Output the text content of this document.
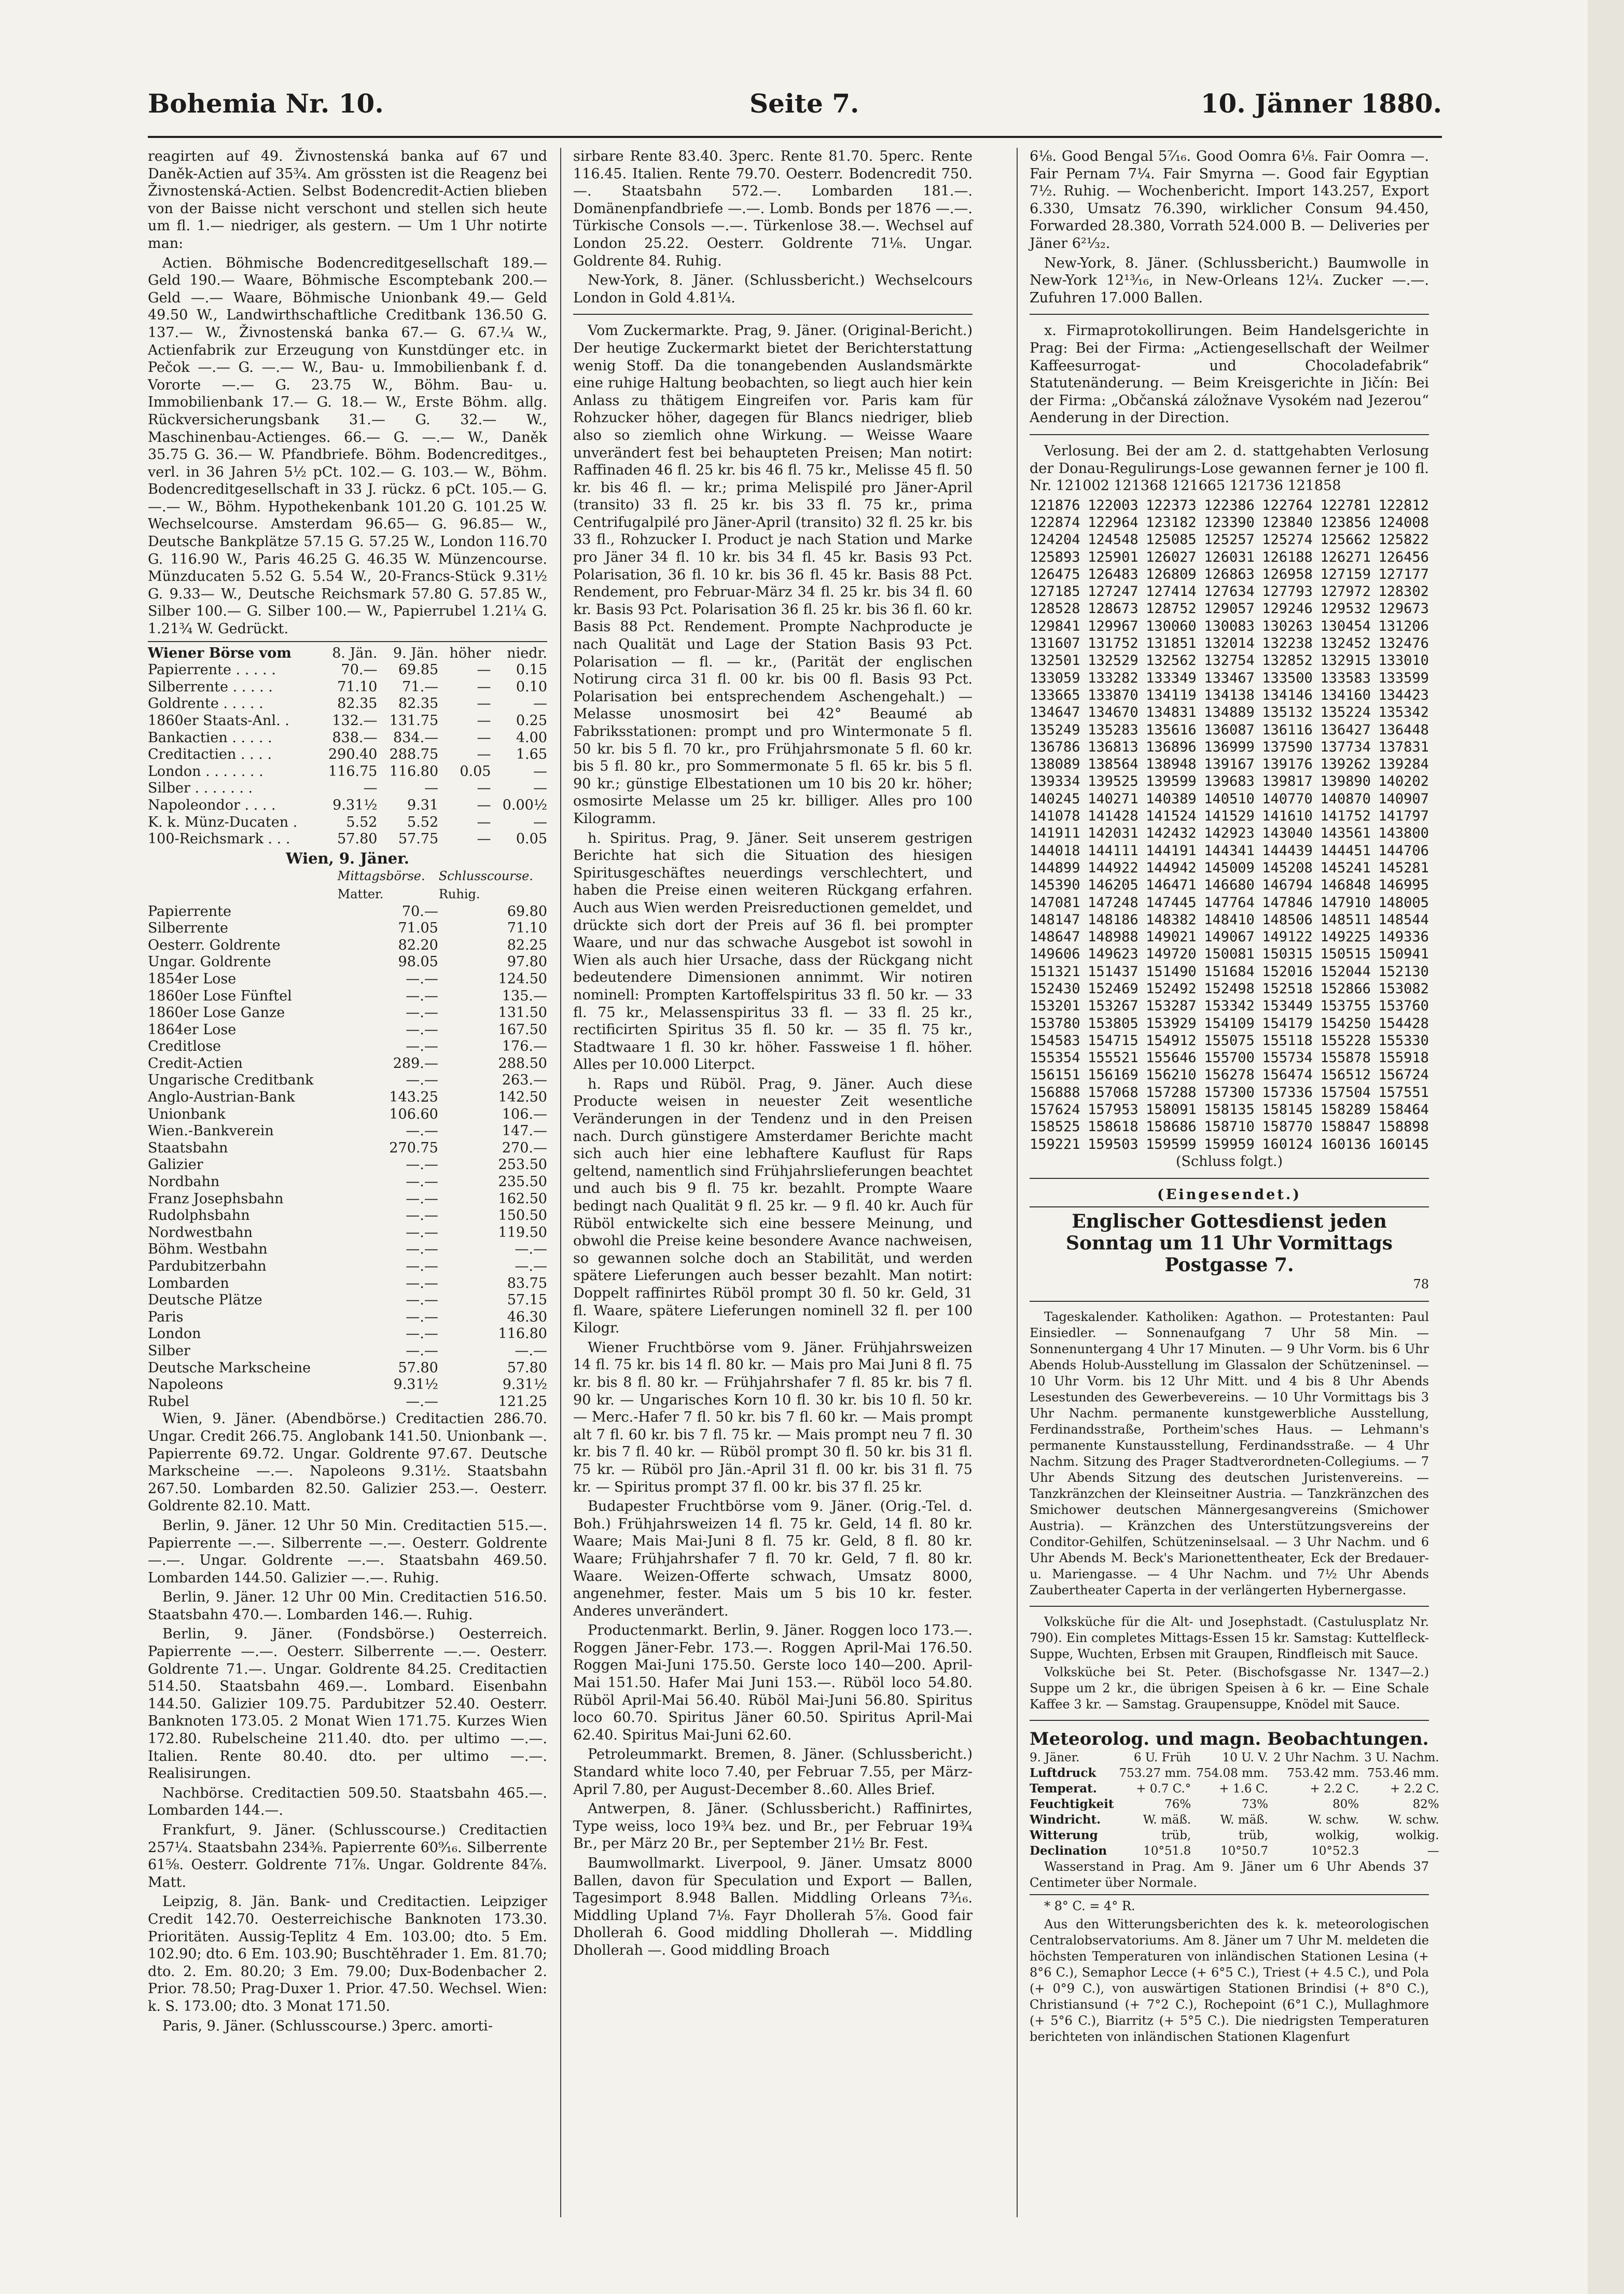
Bohemia Nr. 10.	Seite 7.	10. Jänner 1880.

reagirten auf 49. Živnostenská banka auf 67 und Daněk-Actien auf 35¾. Am grössten ist die Reagenz bei Živnostenská-Actien. Selbst Bodencredit-Actien blieben von der Baisse nicht verschont und stellen sich heute um fl. 1.— niedriger, als gestern. — Um 1 Uhr notirte man:

Actien. Böhmische Bodencreditgesellschaft 189.— Geld 190.— Waare, Böhmische Escomptebank 200.— Geld —.— Waare, Böhmische Unionbank 49.— Geld 49.50 W., Landwirthschaftliche Creditbank 136.50 G. 137.— W., Živnostenská banka 67.— G. 67.¼ W., Actienfabrik zur Erzeugung von Kunstdünger etc. in Pečok —.— G. —.— W., Bau- u. Immobilienbank f. d. Vororte —.— G. 23.75 W., Böhm. Bau- u. Immobilienbank 17.— G. 18.— W., Erste Böhm. allg. Rückversicherungsbank 31.— G. 32.— W., Maschinenbau-Actienges. 66.— G. —.— W., Daněk 35.75 G. 36.— W. Pfandbriefe. Böhm. Bodencreditges., verl. in 36 Jahren 5½ pCt. 102.— G. 103.— W., Böhm. Bodencreditgesellschaft in 33 J. rückz. 6 pCt. 105.— G. —.— W., Böhm. Hypothekenbank 101.20 G. 101.25 W. Wechselcourse. Amsterdam 96.65— G. 96.85— W., Deutsche Bankplätze 57.15 G. 57.25 W., London 116.70 G. 116.90 W., Paris 46.25 G. 46.35 W. Münzencourse. Münzducaten 5.52 G. 5.54 W., 20-Francs-Stück 9.31½ G. 9.33— W., Deutsche Reichsmark 57.80 G. 57.85 W., Silber 100.— G. Silber 100.— W., Papierrubel 1.21¼ G. 1.21¾ W. Gedrückt.

Wiener Börse vom	8. Jän.	9. Jän.	höher	niedr.
Papierrente . . . . .	70.—	69.85	—	0.15
Silberrente . . . . .	71.10	71.—	—	0.10
Goldrente . . . . .	82.35	82.35	—	—
1860er Staats-Anl. .	132.—	131.75	—	0.25
Bankactien . . . . .	838.—	834.—	—	4.00
Creditactien . . . .	290.40	288.75	—	1.65
London . . . . . . .	116.75	116.80	0.05	—
Silber . . . . . . .	—	—	—	—
Napoleondor . . . .	9.31½	9.31	—	0.00½
K. k. Münz-Ducaten .	5.52	5.52	—	—
100-Reichsmark . . .	57.80	57.75	—	0.05
Wien, 9. Jäner.
	Mittagsbörse.	Schlusscourse.
	Matter.	Ruhig.
Papierrente	70.—	69.80
Silberrente	71.05	71.10
Oesterr. Goldrente	82.20	82.25
Ungar. Goldrente	98.05	97.80
1854er Lose	—.—	124.50
1860er Lose Fünftel	—.—	135.—
1860er Lose Ganze	—.—	131.50
1864er Lose	—.—	167.50
Creditlose	—.—	176.—
Credit-Actien	289.—	288.50
Ungarische Creditbank	—.—	263.—
Anglo-Austrian-Bank	143.25	142.50
Unionbank	106.60	106.—
Wien.-Bankverein	—.—	147.—
Staatsbahn	270.75	270.—
Galizier	—.—	253.50
Nordbahn	—.—	235.50
Franz Josephsbahn	—.—	162.50
Rudolphsbahn	—.—	150.50
Nordwestbahn	—.—	119.50
Böhm. Westbahn	—.—	—.—
Pardubitzerbahn	—.—	—.—
Lombarden	—.—	83.75
Deutsche Plätze	—.—	57.15
Paris	—.—	46.30
London	—.—	116.80
Silber	—.—	—.—
Deutsche Markscheine	57.80	57.80
Napoleons	9.31½	9.31½
Rubel	—.—	121.25

Wien, 9. Jäner. (Abendbörse.) Creditactien 286.70. Ungar. Credit 266.75. Anglobank 141.50. Unionbank —. Papierrente 69.72. Ungar. Goldrente 97.67. Deutsche Markscheine —.—. Napoleons 9.31½. Staatsbahn 267.50. Lombarden 82.50. Galizier 253.—. Oesterr. Goldrente 82.10. Matt.

Berlin, 9. Jäner. 12 Uhr 50 Min. Creditactien 515.—. Papierrente —.—. Silberrente —.—. Oesterr. Goldrente —.—. Ungar. Goldrente —.—. Staatsbahn 469.50. Lombarden 144.50. Galizier —.—. Ruhig.

Berlin, 9. Jäner. 12 Uhr 00 Min. Creditactien 516.50. Staatsbahn 470.—. Lombarden 146.—. Ruhig.

Berlin, 9. Jäner. (Fondsbörse.) Oesterreich. Papierrente —.—. Oesterr. Silberrente —.—. Oesterr. Goldrente 71.—. Ungar. Goldrente 84.25. Creditactien 514.50. Staatsbahn 469.—. Lombard. Eisenbahn 144.50. Galizier 109.75. Pardubitzer 52.40. Oesterr. Banknoten 173.05. 2 Monat Wien 171.75. Kurzes Wien 172.80. Rubelscheine 211.40. dto. per ultimo —.—. Italien. Rente 80.40. dto. per ultimo —.—. Realisirungen.

Nachbörse. Creditactien 509.50. Staatsbahn 465.—. Lombarden 144.—.

Frankfurt, 9. Jäner. (Schlusscourse.) Creditactien 257¼. Staatsbahn 234⅜. Papierrente 60⁹⁄₁₆. Silberrente 61⅝. Oesterr. Goldrente 71⅞. Ungar. Goldrente 84⅞. Matt.

Leipzig, 8. Jän. Bank- und Creditactien. Leipziger Credit 142.70. Oesterreichische Banknoten 173.30. Prioritäten. Aussig-Teplitz 4 Em. 103.00; dto. 5 Em. 102.90; dto. 6 Em. 103.90; Buschtěhrader 1. Em. 81.70; dto. 2. Em. 80.20; 3 Em. 79.00; Dux-Bodenbacher 2. Prior. 78.50; Prag-Duxer 1. Prior. 47.50. Wechsel. Wien: k. S. 173.00; dto. 3 Monat 171.50.

Paris, 9. Jäner. (Schlusscourse.) 3perc. amorti-

sirbare Rente 83.40. 3perc. Rente 81.70. 5perc. Rente 116.45. Italien. Rente 79.70. Oesterr. Bodencredit 750.—. Staatsbahn 572.—. Lombarden 181.—. Domänenpfandbriefe —.—. Lomb. Bonds per 1876 —.—. Türkische Consols —.—. Türkenlose 38.—. Wechsel auf London 25.22. Oesterr. Goldrente 71⅛. Ungar. Goldrente 84. Ruhig.

New-York, 8. Jäner. (Schlussbericht.) Wechselcours London in Gold 4.81¼.

Vom Zuckermarkte. Prag, 9. Jäner. (Original-Bericht.) Der heutige Zuckermarkt bietet der Berichterstattung wenig Stoff. Da die tonangebenden Auslandsmärkte eine ruhige Haltung beobachten, so liegt auch hier kein Anlass zu thätigem Eingreifen vor. Paris kam für Rohzucker höher, dagegen für Blancs niedriger, blieb also so ziemlich ohne Wirkung. — Weisse Waare unverändert fest bei behaupteten Preisen; Man notirt: Raffinaden 46 fl. 25 kr. bis 46 fl. 75 kr., Melisse 45 fl. 50 kr. bis 46 fl. — kr.; prima Melispilé pro Jäner-April (transito) 33 fl. 25 kr. bis 33 fl. 75 kr., prima Centrifugalpilé pro Jäner-April (transito) 32 fl. 25 kr. bis 33 fl., Rohzucker I. Product je nach Station und Marke pro Jäner 34 fl. 10 kr. bis 34 fl. 45 kr. Basis 93 Pct. Polarisation, 36 fl. 10 kr. bis 36 fl. 45 kr. Basis 88 Pct. Rendement, pro Februar-März 34 fl. 25 kr. bis 34 fl. 60 kr. Basis 93 Pct. Polarisation 36 fl. 25 kr. bis 36 fl. 60 kr. Basis 88 Pct. Rendement. Prompte Nachproducte je nach Qualität und Lage der Station Basis 93 Pct. Polarisation — fl. — kr., (Parität der englischen Notirung circa 31 fl. 00 kr. bis 00 fl. Basis 93 Pct. Polarisation bei entsprechendem Aschengehalt.) — Melasse unosmosirt bei 42° Beaumé ab Fabriksstationen: prompt und pro Wintermonate 5 fl. 50 kr. bis 5 fl. 70 kr., pro Frühjahrsmonate 5 fl. 60 kr. bis 5 fl. 80 kr., pro Sommermonate 5 fl. 65 kr. bis 5 fl. 90 kr.; günstige Elbestationen um 10 bis 20 kr. höher; osmosirte Melasse um 25 kr. billiger. Alles pro 100 Kilogramm.

h. Spiritus. Prag, 9. Jäner. Seit unserem gestrigen Berichte hat sich die Situation des hiesigen Spiritusgeschäftes neuerdings verschlechtert, und haben die Preise einen weiteren Rückgang erfahren. Auch aus Wien werden Preisreductionen gemeldet, und drückte sich dort der Preis auf 36 fl. bei prompter Waare, und nur das schwache Ausgebot ist sowohl in Wien als auch hier Ursache, dass der Rückgang nicht bedeutendere Dimensionen annimmt. Wir notiren nominell: Prompten Kartoffelspiritus 33 fl. 50 kr. — 33 fl. 75 kr., Melassenspiritus 33 fl. — 33 fl. 25 kr., rectificirten Spiritus 35 fl. 50 kr. — 35 fl. 75 kr., Stadtwaare 1 fl. 30 kr. höher. Fassweise 1 fl. höher. Alles per 10.000 Literpct.

h. Raps und Rüböl. Prag, 9. Jäner. Auch diese Producte weisen in neuester Zeit wesentliche Veränderungen in der Tendenz und in den Preisen nach. Durch günstigere Amsterdamer Berichte macht sich auch hier eine lebhaftere Kauflust für Raps geltend, namentlich sind Frühjahrslieferungen beachtet und auch bis 9 fl. 75 kr. bezahlt. Prompte Waare bedingt nach Qualität 9 fl. 25 kr. — 9 fl. 40 kr. Auch für Rüböl entwickelte sich eine bessere Meinung, und obwohl die Preise keine besondere Avance nachweisen, so gewannen solche doch an Stabilität, und werden spätere Lieferungen auch besser bezahlt. Man notirt: Doppelt raffinirtes Rüböl prompt 30 fl. 50 kr. Geld, 31 fl. Waare, spätere Lieferungen nominell 32 fl. per 100 Kilogr.

Wiener Fruchtbörse vom 9. Jäner. Frühjahrsweizen 14 fl. 75 kr. bis 14 fl. 80 kr. — Mais pro Mai Juni 8 fl. 75 kr. bis 8 fl. 80 kr. — Frühjahrshafer 7 fl. 85 kr. bis 7 fl. 90 kr. — Ungarisches Korn 10 fl. 30 kr. bis 10 fl. 50 kr. — Merc.-Hafer 7 fl. 50 kr. bis 7 fl. 60 kr. — Mais prompt alt 7 fl. 60 kr. bis 7 fl. 75 kr. — Mais prompt neu 7 fl. 30 kr. bis 7 fl. 40 kr. — Rüböl prompt 30 fl. 50 kr. bis 31 fl. 75 kr. — Rüböl pro Jän.-April 31 fl. 00 kr. bis 31 fl. 75 kr. — Spiritus prompt 37 fl. 00 kr. bis 37 fl. 25 kr.

Budapester Fruchtbörse vom 9. Jäner. (Orig.-Tel. d. Boh.) Frühjahrsweizen 14 fl. 75 kr. Geld, 14 fl. 80 kr. Waare; Mais Mai-Juni 8 fl. 75 kr. Geld, 8 fl. 80 kr. Waare; Frühjahrshafer 7 fl. 70 kr. Geld, 7 fl. 80 kr. Waare. Weizen-Offerte schwach, Umsatz 8000, angenehmer, fester. Mais um 5 bis 10 kr. fester. Anderes unverändert.

Productenmarkt. Berlin, 9. Jäner. Roggen loco 173.—. Roggen Jäner-Febr. 173.—. Roggen April-Mai 176.50. Roggen Mai-Juni 175.50. Gerste loco 140—200. April-Mai 151.50. Hafer Mai Juni 153.—. Rüböl loco 54.80. Rüböl April-Mai 56.40. Rüböl Mai-Juni 56.80. Spiritus loco 60.70. Spiritus Jäner 60.50. Spiritus April-Mai 62.40. Spiritus Mai-Juni 62.60.

Petroleummarkt. Bremen, 8. Jäner. (Schlussbericht.) Standard white loco 7.40, per Februar 7.55, per März-April 7.80, per August-December 8..60. Alles Brief.

Antwerpen, 8. Jäner. (Schlussbericht.) Raffinirtes, Type weiss, loco 19¾ bez. und Br., per Februar 19¾ Br., per März 20 Br., per September 21½ Br. Fest.

Baumwollmarkt. Liverpool, 9. Jäner. Umsatz 8000 Ballen, davon für Speculation und Export — Ballen, Tagesimport 8.948 Ballen. Middling Orleans 7³⁄₁₆. Middling Upland 7⅛. Fayr Dhollerah 5⅞. Good fair Dhollerah 6. Good middling Dhollerah —. Middling Dhollerah —. Good middling Broach

6⅛. Good Bengal 5⁷⁄₁₆. Good Oomra 6⅛. Fair Oomra —. Fair Pernam 7¼. Fair Smyrna —. Good fair Egyptian 7½. Ruhig. — Wochenbericht. Import 143.257, Export 6.330, Umsatz 76.390, wirklicher Consum 94.450, Forwarded 28.380, Vorrath 524.000 B. — Deliveries per Jäner 6²¹⁄₃₂.

New-York, 8. Jäner. (Schlussbericht.) Baumwolle in New-York 12¹³⁄₁₆, in New-Orleans 12¼. Zucker —.—. Zufuhren 17.000 Ballen.

x. Firmaprotokollirungen. Beim Handelsgerichte in Prag: Bei der Firma: „Actiengesellschaft der Weilmer Kaffeesurrogat- und Chocoladefabrik“ Statutenänderung. — Beim Kreisgerichte in Jičín: Bei der Firma: „Občanská záložnave Vysokém nad Jezerou“ Aenderung in der Direction.

Verlosung. Bei der am 2. d. stattgehabten Verlosung der Donau-Regulirungs-Lose gewannen ferner je 100 fl. Nr. 121002 121368 121665 121736 121858

121876 122003 122373 122386 122764 122781 122812
122874 122964 123182 123390 123840 123856 124008
124204 124548 125085 125257 125274 125662 125822
125893 125901 126027 126031 126188 126271 126456
126475 126483 126809 126863 126958 127159 127177
127185 127247 127414 127634 127793 127972 128302
128528 128673 128752 129057 129246 129532 129673
129841 129967 130060 130083 130263 130454 131206
131607 131752 131851 132014 132238 132452 132476
132501 132529 132562 132754 132852 132915 133010
133059 133282 133349 133467 133500 133583 133599
133665 133870 134119 134138 134146 134160 134423
134647 134670 134831 134889 135132 135224 135342
135249 135283 135616 136087 136116 136427 136448
136786 136813 136896 136999 137590 137734 137831
138089 138564 138948 139167 139176 139262 139284
139334 139525 139599 139683 139817 139890 140202
140245 140271 140389 140510 140770 140870 140907
141078 141428 141524 141529 141610 141752 141797
141911 142031 142432 142923 143040 143561 143800
144018 144111 144191 144341 144439 144451 144706
144899 144922 144942 145009 145208 145241 145281
145390 146205 146471 146680 146794 146848 146995
147081 147248 147445 147764 147846 147910 148005
148147 148186 148382 148410 148506 148511 148544
148647 148988 149021 149067 149122 149225 149336
149606 149623 149720 150081 150315 150515 150941
151321 151437 151490 151684 152016 152044 152130
152430 152469 152492 152498 152518 152866 153082
153201 153267 153287 153342 153449 153755 153760
153780 153805 153929 154109 154179 154250 154428
154583 154715 154912 155075 155118 155228 155330
155354 155521 155646 155700 155734 155878 155918
156151 156169 156210 156278 156474 156512 156724
156888 157068 157288 157300 157336 157504 157551
157624 157953 158091 158135 158145 158289 158464
158525 158618 158686 158710 158770 158847 158898
159221 159503 159599 159959 160124 160136 160145
(Schluss folgt.)
(Eingesendet.)
Englischer Gottesdienst jeden Sonntag um 11 Uhr Vormittags Postgasse 7.
78

Tageskalender. Katholiken: Agathon. — Protestanten: Paul Einsiedler. — Sonnenaufgang 7 Uhr 58 Min. — Sonnenuntergang 4 Uhr 17 Minuten. — 9 Uhr Vorm. bis 6 Uhr Abends Holub-Ausstellung im Glassalon der Schützeninsel. — 10 Uhr Vorm. bis 12 Uhr Mitt. und 4 bis 8 Uhr Abends Lesestunden des Gewerbevereins. — 10 Uhr Vormittags bis 3 Uhr Nachm. permanente kunstgewerbliche Ausstellung, Ferdinandsstraße, Portheim'sches Haus. — Lehmann's permanente Kunstausstellung, Ferdinandsstraße. — 4 Uhr Nachm. Sitzung des Prager Stadtverordneten-Collegiums. — 7 Uhr Abends Sitzung des deutschen Juristenvereins. — Tanzkränzchen der Kleinseitner Austria. — Tanzkränzchen des Smichower deutschen Männergesangvereins (Smichower Austria). — Kränzchen des Unterstützungsvereins der Conditor-Gehilfen, Schützeninselsaal. — 3 Uhr Nachm. und 6 Uhr Abends M. Beck's Marionettentheater, Eck der Bredauer- u. Mariengasse. — 4 Uhr Nachm. und 7½ Uhr Abends Zaubertheater Caperta in der verlängerten Hybernergasse.

Volksküche für die Alt- und Josephstadt. (Castulusplatz Nr. 790). Ein completes Mittags-Essen 15 kr. Samstag: Kuttelfleck-Suppe, Wuchten, Erbsen mit Graupen, Rindfleisch mit Sauce.

Volksküche bei St. Peter. (Bischofsgasse Nr. 1347—2.) Suppe um 2 kr., die übrigen Speisen à 6 kr. — Eine Schale Kaffee 3 kr. — Samstag. Graupensuppe, Knödel mit Sauce.

Meteorolog. und magn. Beobachtungen.
9. Jäner.	6 U. Früh	10 U. V.	2 Uhr Nachm.	3 U. Nachm.
Luftdruck	753.27 mm.	754.08 mm.	753.42 mm.	753.46 mm.
Temperat.	+ 0.7 C.°	+ 1.6 C.	+ 2.2 C.	+ 2.2 C.
Feuchtigkeit	76%	73%	80%	82%
Windricht.	W. mäß.	W. mäß.	W. schw.	W. schw.
Witterung	trüb,	trüb,	wolkig,	wolkig.
Declination	10°51.8	10°50.7	10°52.3	—

Wasserstand in Prag. Am 9. Jäner um 6 Uhr Abends 37 Centimeter über Normale.

* 8° C. = 4° R.

Aus den Witterungsberichten des k. k. meteorologischen Centralobservatoriums. Am 8. Jäner um 7 Uhr M. meldeten die höchsten Temperaturen von inländischen Stationen Lesina (+ 8°6 C.), Semaphor Lecce (+ 6°5 C.), Triest (+ 4.5 C.), und Pola (+ 0°9 C.), von auswärtigen Stationen Brindisi (+ 8°0 C.), Christiansund (+ 7°2 C.), Rochepoint (6°1 C.), Mullaghmore (+ 5°6 C.), Biarritz (+ 5°5 C.). Die niedrigsten Temperaturen berichteten von inländischen Stationen Klagenfurt
